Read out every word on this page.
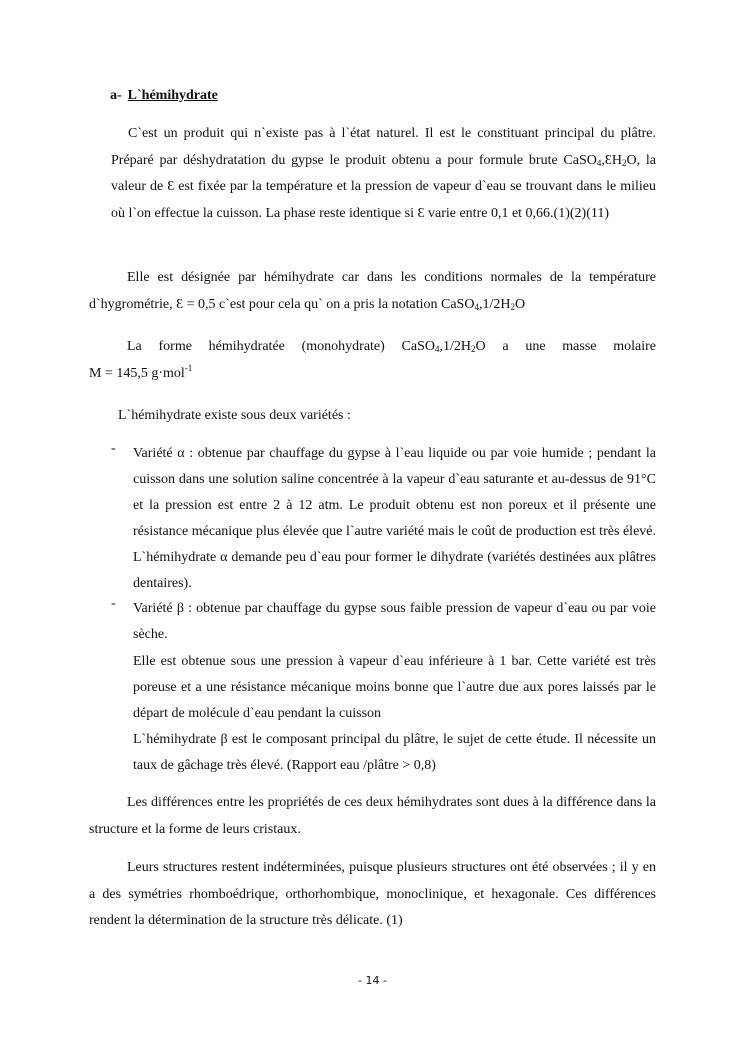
a- L`hémihydrate
C`est un produit qui n`existe pas à l`état naturel. Il est le constituant principal du plâtre. Préparé par déshydratation du gypse le produit obtenu a pour formule brute $CaSO_4,ƐH_2O$, la valeur de Ɛ est fixée par la température et la pression de vapeur d`eau se trouvant dans le milieu où l`on effectue la cuisson. La phase reste identique si Ɛ varie entre 0,1 et 0,66.(1)(2)(11)
Elle est désignée par hémihydrate car dans les conditions normales de la température d`hygrométrie, Ɛ = 0,5 c`est pour cela qu` on a pris la notation $CaSO_4,1/2H_2O$
La forme hémihydratée (monohydrate) $CaSO_4,1/2H_2O$ a une masse molaire
M = 145,5 g·mol$^{-1}$
L`hémihydrate existe sous deux variétés :
- Variété α : obtenue par chauffage du gypse à l`eau liquide ou par voie humide ; pendant la cuisson dans une solution saline concentrée à la vapeur d`eau saturante et au-dessus de 91°C et la pression est entre 2 à 12 atm. Le produit obtenu est non poreux et il présente une résistance mécanique plus élevée que l`autre variété mais le coût de production est très élevé. L`hémihydrate α demande peu d`eau pour former le dihydrate (variétés destinées aux plâtres dentaires).
- Variété β : obtenue par chauffage du gypse sous faible pression de vapeur d`eau ou par voie sèche.
Elle est obtenue sous une pression à vapeur d`eau inférieure à 1 bar. Cette variété est très poreuse et a une résistance mécanique moins bonne que l`autre due aux pores laissés par le départ de molécule d`eau pendant la cuisson
L`hémihydrate β est le composant principal du plâtre, le sujet de cette étude. Il nécessite un taux de gâchage très élevé. (Rapport eau /plâtre > 0,8)
Les différences entre les propriétés de ces deux hémihydrates sont dues à la différence dans la structure et la forme de leurs cristaux.
Leurs structures restent indéterminées, puisque plusieurs structures ont été observées ; il y en a des symétries rhomboédrique, orthorhombique, monoclinique, et hexagonale. Ces différences rendent la détermination de la structure très délicate. (1)
- 14 -
